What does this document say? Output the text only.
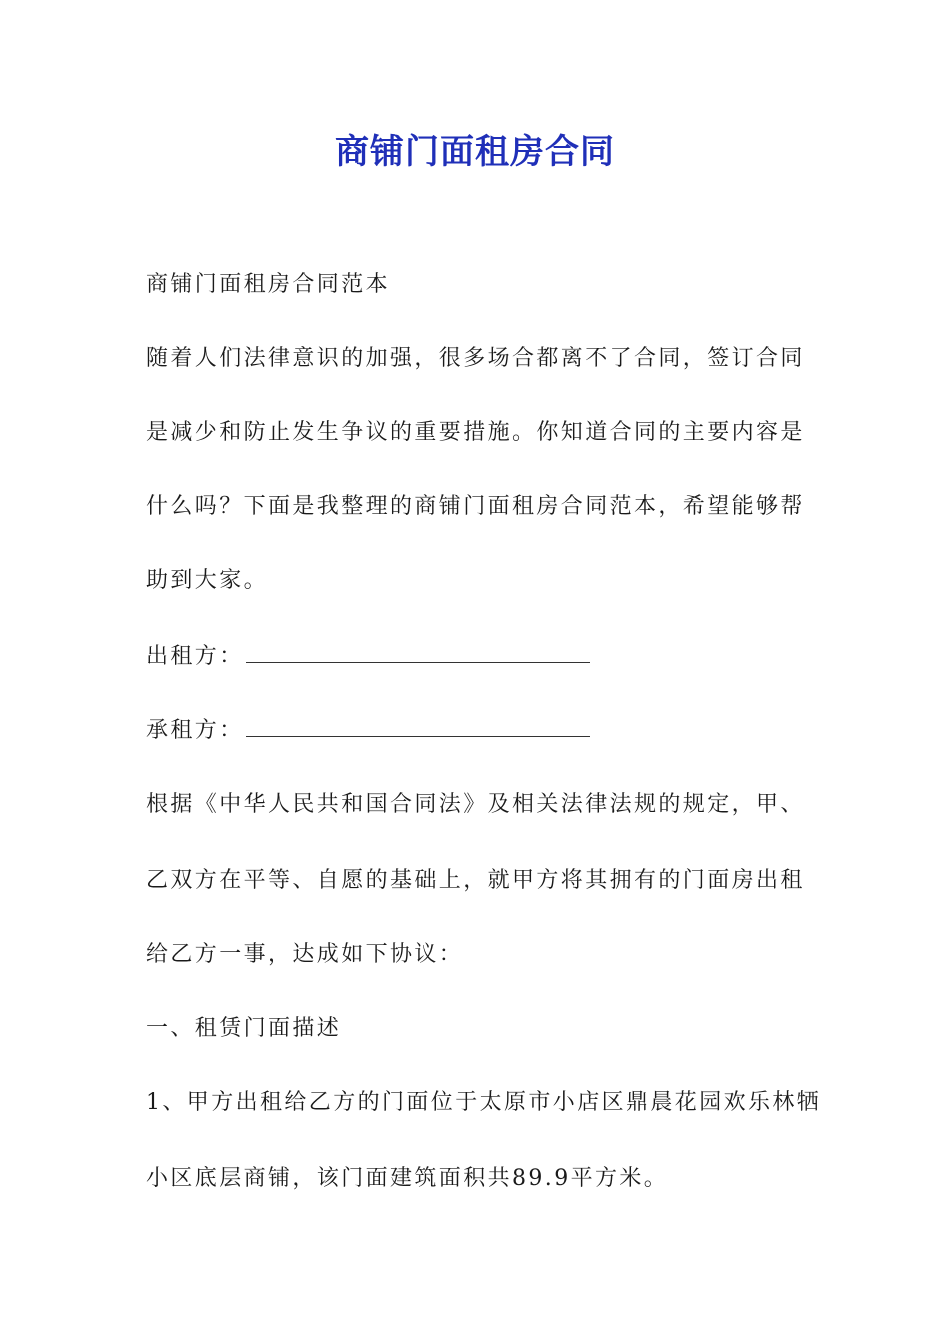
商铺门面租房合同
商铺门面租房合同范本
随着人们法律意识的加强，很多场合都离不了合同，签订合同
是减少和防止发生争议的重要措施。你知道合同的主要内容是
什么吗？下面是我整理的商铺门面租房合同范本，希望能够帮
助到大家。
出租方：
承租方：
根据《中华人民共和国合同法》及相关法律法规的规定，甲、
乙双方在平等、自愿的基础上，就甲方将其拥有的门面房出租
给乙方一事，达成如下协议：
一、租赁门面描述
1、甲方出租给乙方的门面位于太原市小店区鼎晨花园欢乐林牺
小区底层商铺，该门面建筑面积共89.9平方米。
